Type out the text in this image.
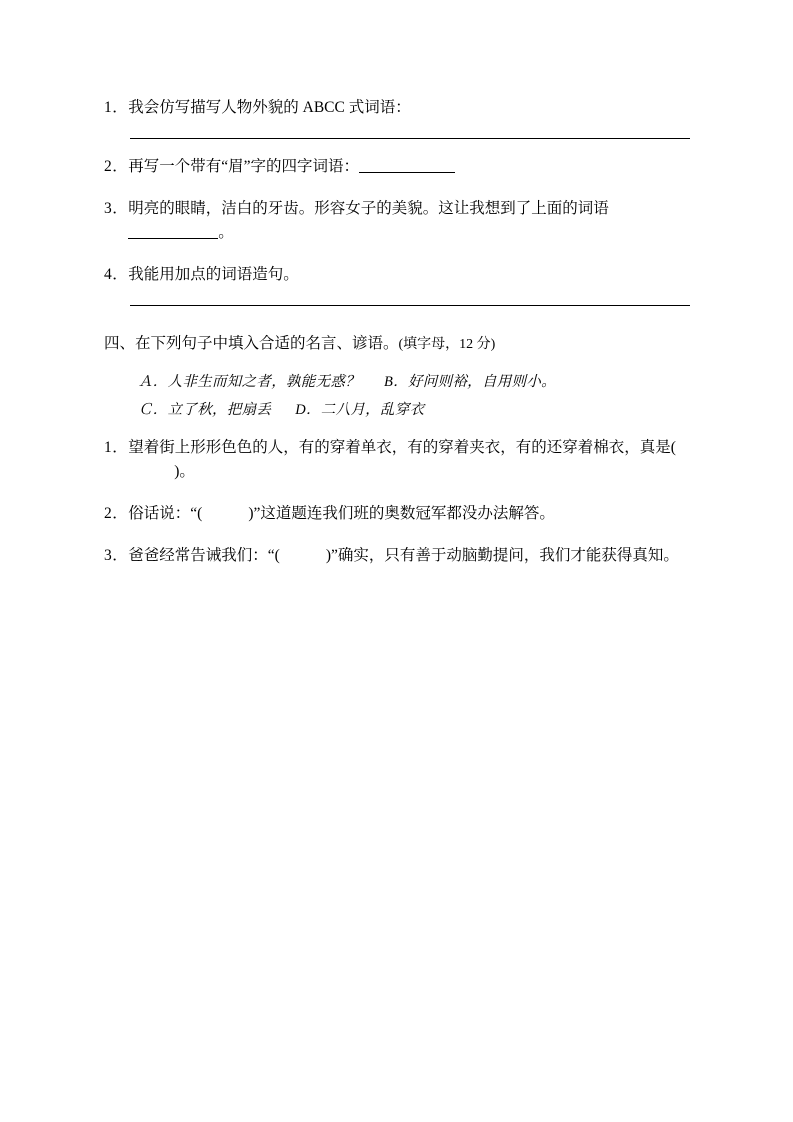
1． 我会仿写描写人物外貌的 ABCC 式词语：
2． 再写一个带有“眉”字的四字词语：
3． 明亮的眼睛，洁白的牙齿。形容女子的美貌。这让我想到了上面的词语。
4． 我能用加点的词语造句。
四、在下列句子中填入合适的名言、谚语。(填字母，12 分)
Ａ．人非生而知之者，孰能无惑？ B．好问则裕，自用则小。
Ｃ．立了秋，把扇丢 D．二八月，乱穿衣
1． 望着街上形形色色的人，有的穿着单衣，有的穿着夹衣，有的还穿着棉衣，真是()。
2． 俗话说：“(	)”这道题连我们班的奥数冠军都没办法解答。
3． 爸爸经常告诫我们：“(	)”确实，只有善于动脑勤提问，我们才能获得真知。
